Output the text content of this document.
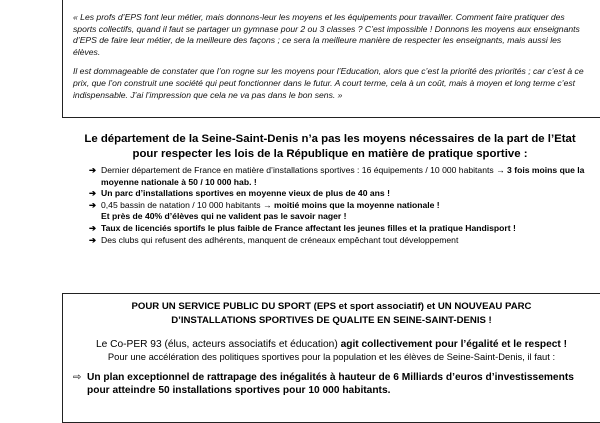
« Les profs d’EPS font leur métier, mais donnons-leur les moyens et les équipements pour travailler. Comment faire pratiquer des sports collectifs, quand il faut se partager un gymnase pour 2 ou 3 classes ? C’est impossible ! Donnons les moyens aux enseignants d’EPS de faire leur métier, de la meilleure des façons ; ce sera la meilleure manière de respecter les enseignants, mais aussi les élèves.

Il est dommageable de constater que l’on rogne sur les moyens pour l’Education, alors que c’est la priorité des priorités ; car c’est à ce prix, que l’on construit une société qui peut fonctionner dans le futur. A court terme, cela à un coût, mais à moyen et long terme c’est indispensable. J’ai l’impression que cela ne va pas dans le bon sens. »

Le département de la Seine-Saint-Denis n’a pas les moyens nécessaires de la part de l’Etat

pour respecter les lois de la République en matière de pratique sportive :

➔ Dernier département de France en matière d’installations sportives : 16 équipements / 10 000 habitants → 3 fois moins que la moyenne nationale à 50 / 10 000 hab. !
➔ Un parc d’installations sportives en moyenne vieux de plus de 40 ans !
➔ 0,45 bassin de natation / 10 000 habitants → moitié moins que la moyenne nationale !
Et près de 40% d’élèves qui ne valident pas le savoir nager !
➔ Taux de licenciés sportifs le plus faible de France affectant les jeunes filles et la pratique Handisport !
➔ Des clubs qui refusent des adhérents, manquent de créneaux empêchant tout développement

POUR UN SERVICE PUBLIC DU SPORT (EPS et sport associatif) et UN NOUVEAU PARC

D’INSTALLATIONS SPORTIVES DE QUALITE EN SEINE-SAINT-DENIS !

Le Co-PER 93 (élus, acteurs associatifs et éducation) agit collectivement pour l’égalité et le respect !

Pour une accélération des politiques sportives pour la population et les élèves de Seine-Saint-Denis, il faut :

⇨ Un plan exceptionnel de rattrapage des inégalités à hauteur de 6 Milliards d’euros d’investissements pour atteindre 50 installations sportives pour 10 000 habitants.
